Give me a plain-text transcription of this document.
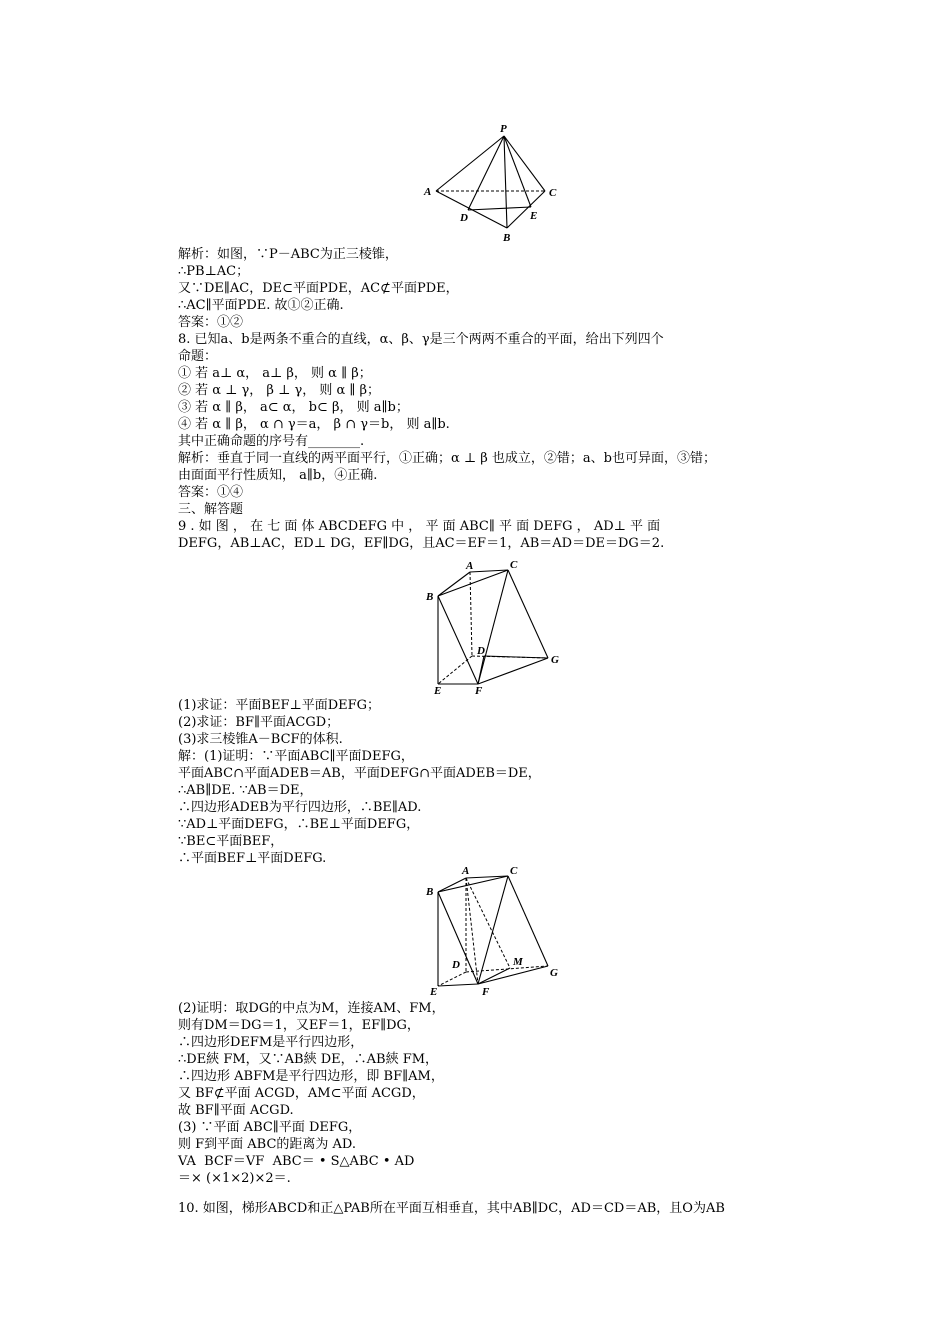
P
A	C
D	E
B
解析：如图，∵P－ABC为正三棱锥，
∴PB⊥AC；
又∵DE∥AC，DE⊂平面PDE，AC⊄平面PDE，
∴AC∥平面PDE. 故①②正确.
答案：①②
8. 已知a、b是两条不重合的直线，α、β、γ是三个两两不重合的平面，给出下列四个
命题：
① 若 a⊥ α， a⊥ β， 则 α ∥ β；
② 若 α ⊥ γ， β ⊥ γ， 则 α ∥ β；
③ 若 α ∥ β， a⊂ α， b⊂ β， 则 a∥b；
④ 若 α ∥ β， α ∩ γ＝a， β ∩ γ＝b， 则 a∥b.
其中正确命题的序号有________.
解析：垂直于同一直线的两平面平行，①正确；α ⊥ β 也成立，②错；a、b也可异面，③错；
由面面平行性质知， a∥b，④正确.
答案：①④
三、解答题
9 . 如 图 ， 在 七 面 体 ABCDEFG 中 ， 平 面 ABC∥ 平 面 DEFG ， AD⊥ 平 面
DEFG，AB⊥AC，ED⊥ DG，EF∥DG，且AC＝EF＝1，AB＝AD＝DE＝DG＝2.
A	C
B
D
G
E	F
(1)求证：平面BEF⊥平面DEFG；
(2)求证：BF∥平面ACGD；
(3)求三棱锥A－BCF的体积.
解：(1)证明：∵平面ABC∥平面DEFG，
平面ABC∩平面ADEB＝AB，平面DEFG∩平面ADEB＝DE，
∴AB∥DE. ∵AB＝DE，
∴四边形ADEB为平行四边形，∴BE∥AD.
∵AD⊥平面DEFG，∴BE⊥平面DEFG，
∵BE⊂平面BEF，
∴平面BEF⊥平面DEFG.
A	C
B
D	M
G
E	F
(2)证明：取DG的中点为M，连接AM、FM，
则有DM＝DG＝1，又EF＝1，EF∥DG，
∴四边形DEFM是平行四边形，
∴DE綊 FM，又∵AB綊 DE，∴AB綊 FM，
∴四边形 ABFM是平行四边形，即 BF∥AM，
又 BF⊄平面 ACGD，AM⊂平面 ACGD，
故 BF∥平面 ACGD.
(3) ∵平面 ABC∥平面 DEFG，
则 F到平面 ABC的距离为 AD.
VA  BCF＝VF  ABC＝ • S△ABC • AD
＝× (×1×2)×2＝.
10. 如图，梯形ABCD和正△PAB所在平面互相垂直，其中AB∥DC，AD＝CD＝AB，且O为AB
